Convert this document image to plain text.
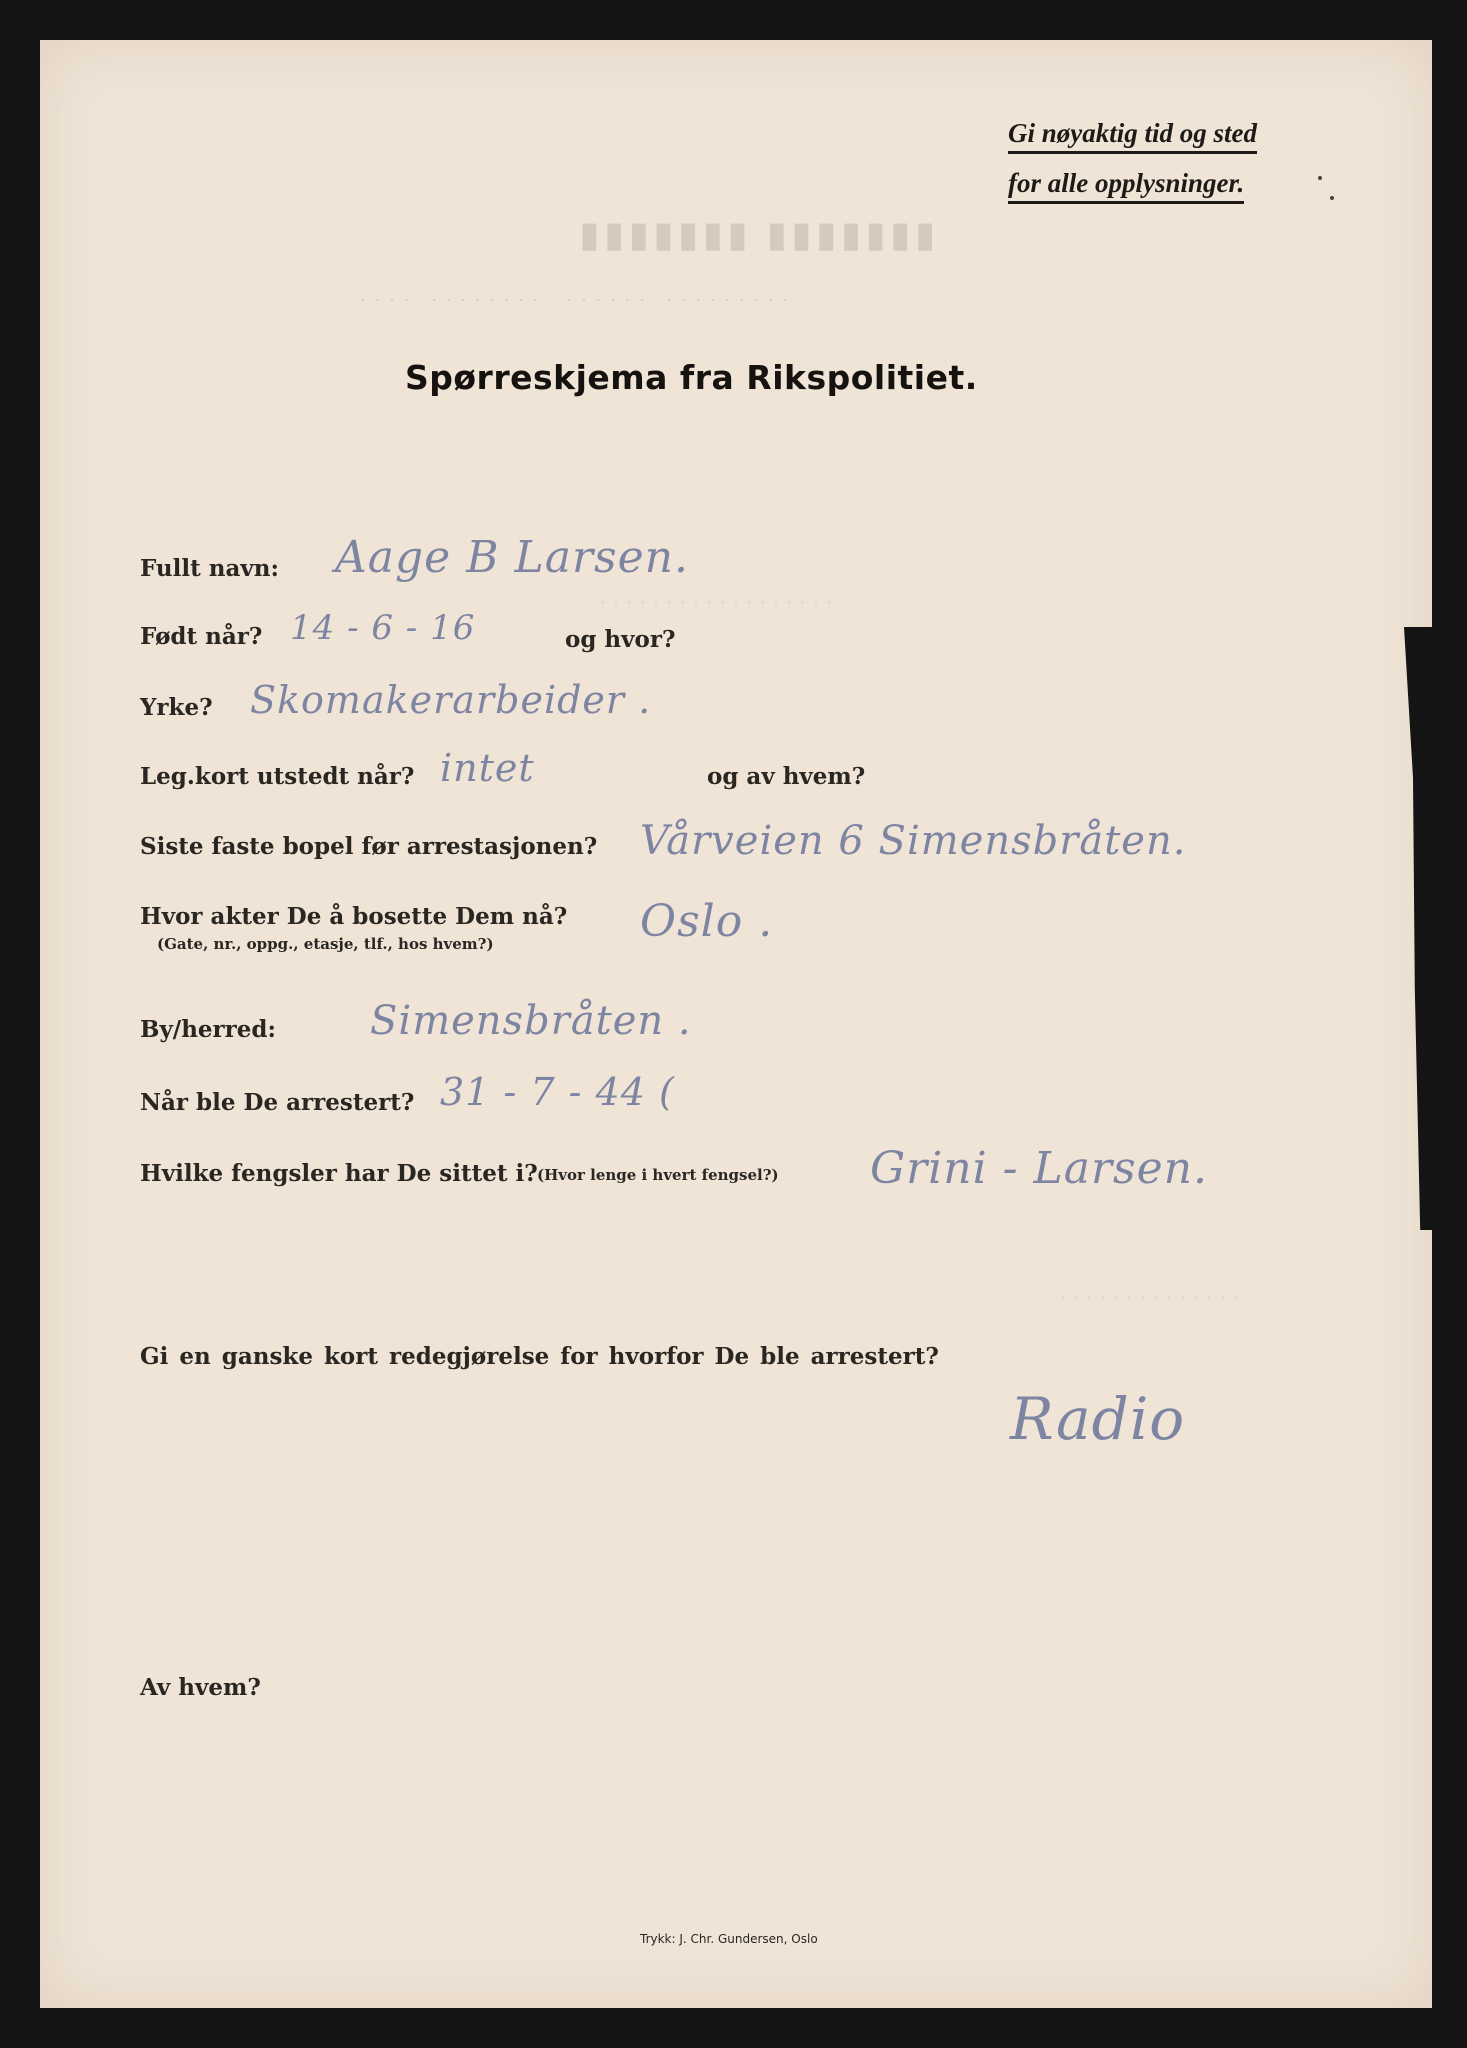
▮▮▮▮▮▮▮ ▮▮▮▮▮▮▮
· · · ·   · · · · · · · ·    · · · · · ·   · · · · · · · · ·
· · · · · · · · · · · · · · · · · ·
· · · · · · · · · · · · · ·
Gi nøyaktig tid og sted
for alle opplysninger.
Spørreskjema fra Rikspolitiet.
Fullt navn: Aage B Larsen.
Født når? 14 - 6 - 16	og hvor?
Yrke? Skomakerarbeider .
Leg.kort utstedt når? intet	og av hvem?
Siste faste bopel før arrestasjonen? Vårveien 6 Simensbråten.
Hvor akter De å bosette Dem nå?
(Gate, nr., oppg., etasje, tlf., hos hvem?)	Oslo .
By/herred: Simensbråten .
Når ble De arrestert? 31 - 7 - 44 (
Hvilke fengsler har De sittet i? (Hvor lenge i hvert fengsel?) Grini - Larsen.
Gi en ganske kort redegjørelse for hvorfor De ble arrestert?
Radio
Av hvem?
Trykk: J. Chr. Gundersen, Oslo
